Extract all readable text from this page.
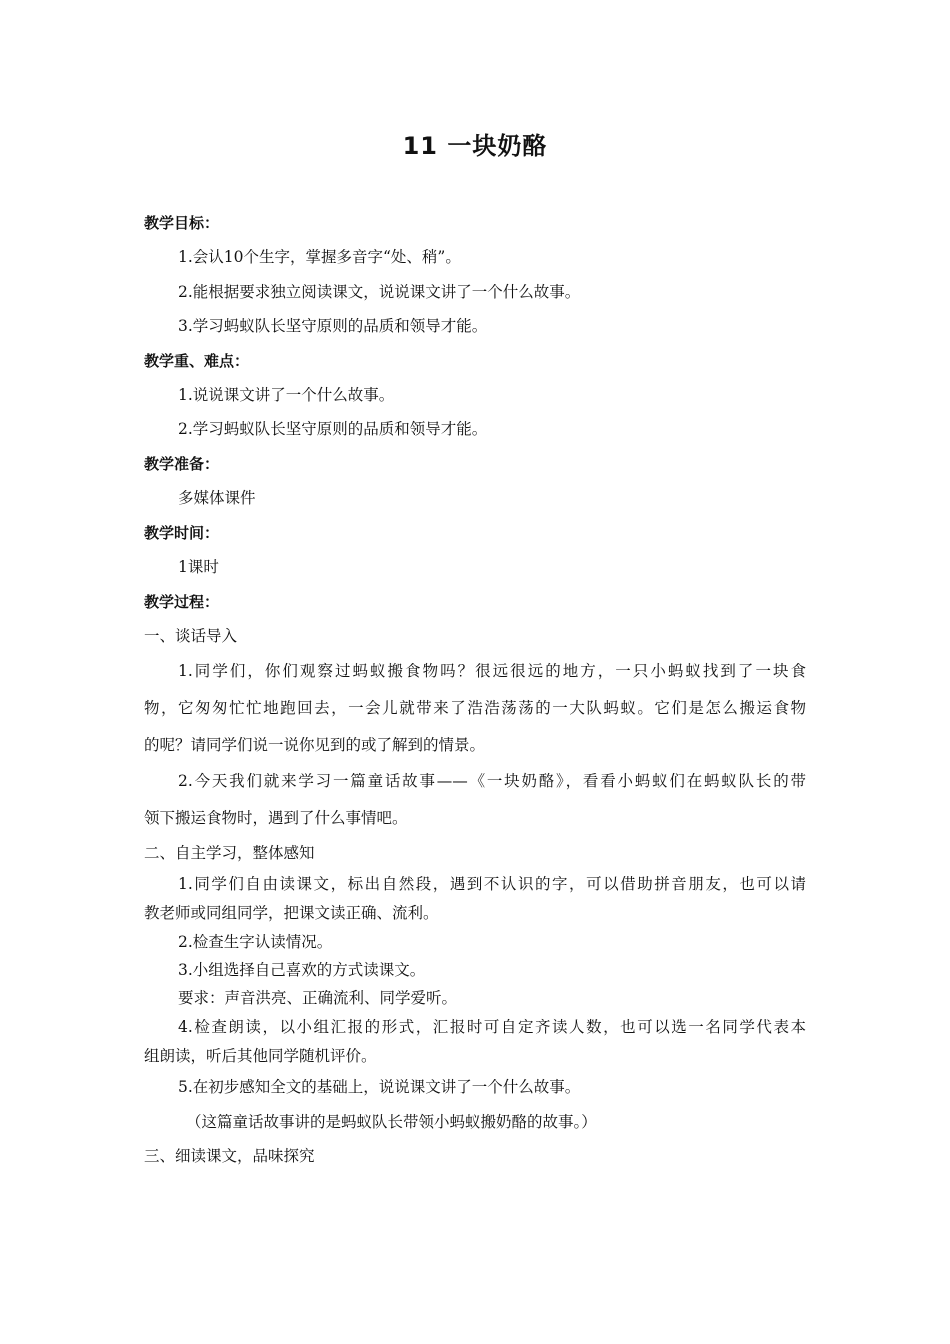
11 一块奶酪
教学目标：
1.会认10个生字，掌握多音字“处、稍”。
2.能根据要求独立阅读课文，说说课文讲了一个什么故事。
3.学习蚂蚁队长坚守原则的品质和领导才能。
教学重、难点：
1.说说课文讲了一个什么故事。
2.学习蚂蚁队长坚守原则的品质和领导才能。
教学准备：
多媒体课件
教学时间：
1课时
教学过程：
一、谈话导入
1.同学们，你们观察过蚂蚁搬食物吗？很远很远的地方，一只小蚂蚁找到了一块食
物，它匆匆忙忙地跑回去，一会儿就带来了浩浩荡荡的一大队蚂蚁。它们是怎么搬运食物
的呢？请同学们说一说你见到的或了解到的情景。
2.今天我们就来学习一篇童话故事——《一块奶酪》，看看小蚂蚁们在蚂蚁队长的带
领下搬运食物时，遇到了什么事情吧。
二、自主学习，整体感知
1.同学们自由读课文，标出自然段，遇到不认识的字，可以借助拼音朋友，也可以请
教老师或同组同学，把课文读正确、流利。
2.检查生字认读情况。
3.小组选择自己喜欢的方式读课文。
要求：声音洪亮、正确流利、同学爱听。
4.检查朗读，以小组汇报的形式，汇报时可自定齐读人数，也可以选一名同学代表本
组朗读，听后其他同学随机评价。
5.在初步感知全文的基础上，说说课文讲了一个什么故事。
（这篇童话故事讲的是蚂蚁队长带领小蚂蚁搬奶酪的故事。）
三、细读课文，品味探究
